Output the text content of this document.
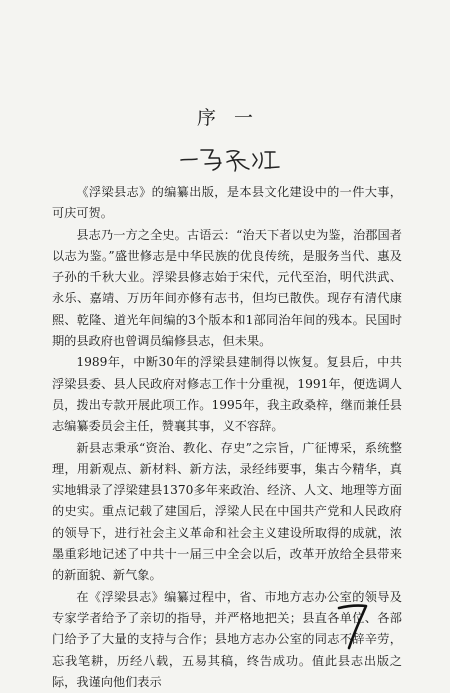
序一

《浮梁县志》的编纂出版，是本县文化建设中的一件大事，可庆可贺。

县志乃一方之全史。古语云：“治天下者以史为鉴，治郡国者以志为鉴。”盛世修志是中华民族的优良传统，是服务当代、惠及子孙的千秋大业。浮梁县修志始于宋代，元代至治，明代洪武、永乐、嘉靖、万历年间亦修有志书，但均已散佚。现存有清代康熙、乾隆、道光年间编的3个版本和1部同治年间的残本。民国时期的县政府也曾调员编修县志，但未果。

1989年，中断30年的浮梁县建制得以恢复。复县后，中共浮梁县委、县人民政府对修志工作十分重视，1991年，便选调人员，拨出专款开展此项工作。1995年，我主政桑梓，继而兼任县志编纂委员会主任，赞襄其事，义不容辞。

新县志秉承“资治、教化、存史”之宗旨，广征博采，系统整理，用新观点、新材料、新方法，录经纬要事，集古今精华，真实地辑录了浮梁建县1370多年来政治、经济、人文、地理等方面的史实。重点记载了建国后，浮梁人民在中国共产党和人民政府的领导下，进行社会主义革命和社会主义建设所取得的成就，浓墨重彩地记述了中共十一届三中全会以后，改革开放给全县带来的新面貌、新气象。

在《浮梁县志》编纂过程中，省、市地方志办公室的领导及专家学者给予了亲切的指导，并严格地把关；县直各单位、各部门给予了大量的支持与合作；县地方志办公室的同志不辞辛劳，忘我笔耕，历经八载，五易其稿，终告成功。值此县志出版之际，我谨向他们表示
